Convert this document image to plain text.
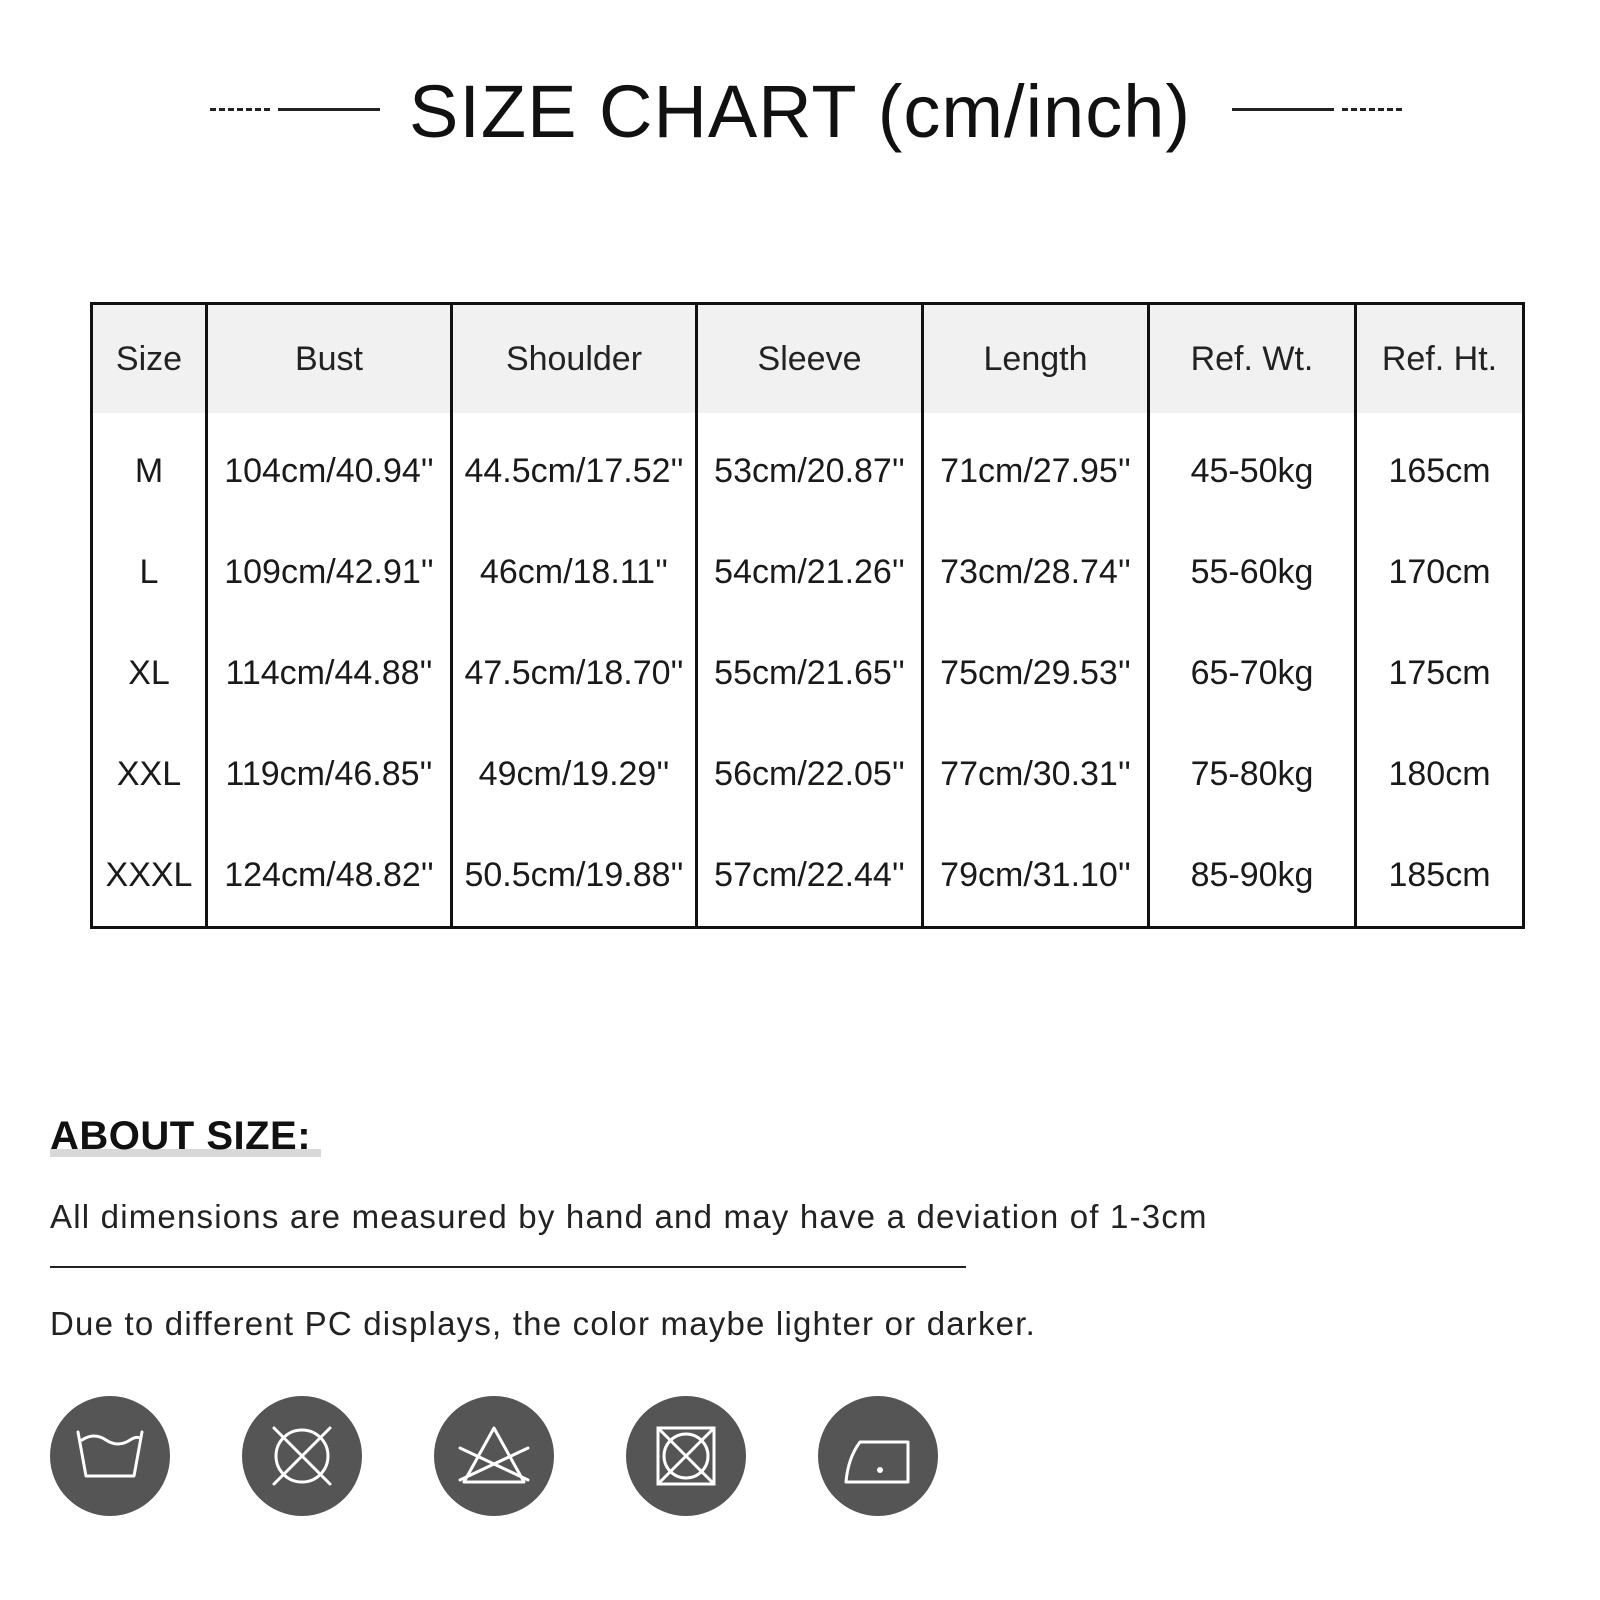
SIZE CHART (cm/inch)
Size	Bust	Shoulder	Sleeve	Length	Ref. Wt.	Ref. Ht.
M	104cm/40.94''	44.5cm/17.52''	53cm/20.87''	71cm/27.95''	45-50kg	165cm
L	109cm/42.91''	46cm/18.11''	54cm/21.26''	73cm/28.74''	55-60kg	170cm
XL	114cm/44.88''	47.5cm/18.70''	55cm/21.65''	75cm/29.53''	65-70kg	175cm
XXL	119cm/46.85''	49cm/19.29''	56cm/22.05''	77cm/30.31''	75-80kg	180cm
XXXL	124cm/48.82''	50.5cm/19.88''	57cm/22.44''	79cm/31.10''	85-90kg	185cm
ABOUT SIZE:
All dimensions are measured by hand and may have a deviation of 1-3cm
Due to different PC displays, the color maybe lighter or darker.
